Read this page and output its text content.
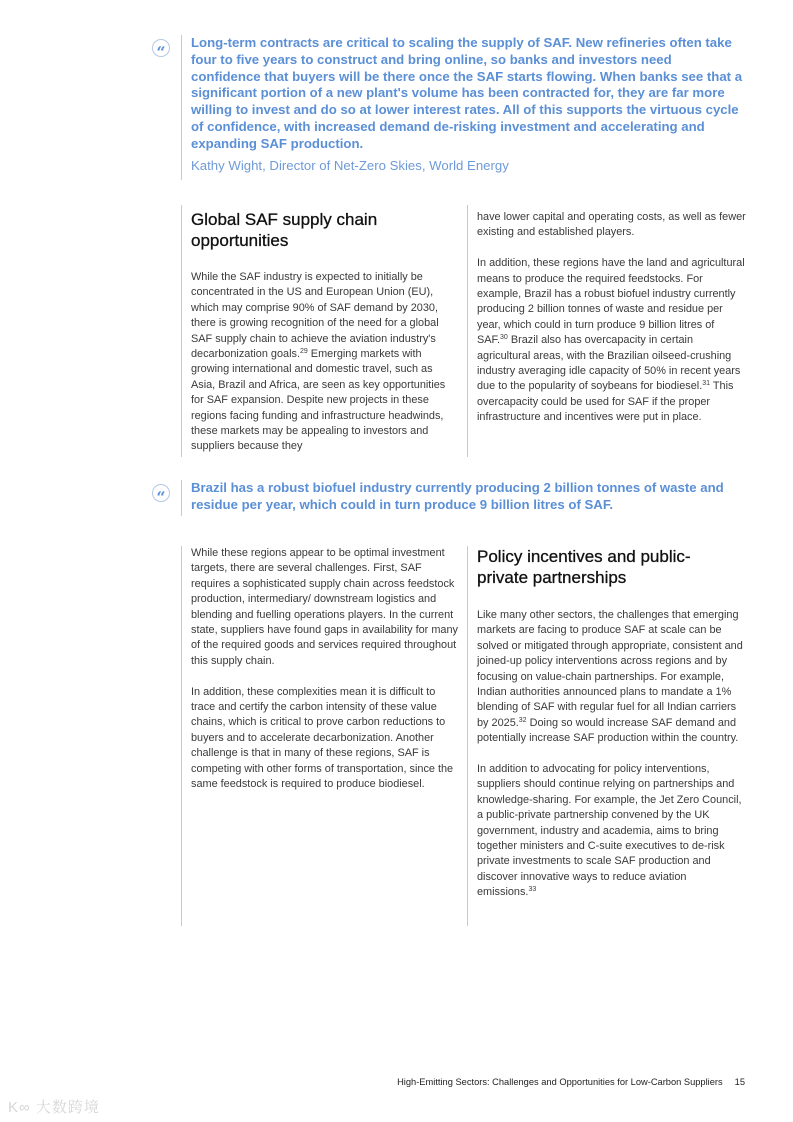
“
Long-term contracts are critical to scaling the supply of SAF. New refineries often take four to five years to construct and bring online, so banks and investors need confidence that buyers will be there once the SAF starts flowing. When banks see that a significant portion of a new plant's volume has been contracted for, they are far more willing to invest and do so at lower interest rates. All of this supports the virtuous cycle of confidence, with increased demand de-risking investment and accelerating and expanding SAF production.
Kathy Wight, Director of Net-Zero Skies, World Energy
Global SAF supply chain opportunities

While the SAF industry is expected to initially be concentrated in the US and European Union (EU), which may comprise 90% of SAF demand by 2030, there is growing recognition of the need for a global SAF supply chain to achieve the aviation industry's decarbonization goals.$^{29}$ Emerging markets with growing international and domestic travel, such as Asia, Brazil and Africa, are seen as key opportunities for SAF expansion. Despite new projects in these regions facing funding and infrastructure headwinds, these markets may be appealing to investors and suppliers because they

have lower capital and operating costs, as well as fewer existing and established players.

In addition, these regions have the land and agricultural means to produce the required feedstocks. For example, Brazil has a robust biofuel industry currently producing 2 billion tonnes of waste and residue per year, which could in turn produce 9 billion litres of SAF.$^{30}$ Brazil also has overcapacity in certain agricultural areas, with the Brazilian oilseed-crushing industry averaging idle capacity of 50% in recent years due to the popularity of soybeans for biodiesel.$^{31}$ This overcapacity could be used for SAF if the proper infrastructure and incentives were put in place.

“
Brazil has a robust biofuel industry currently producing 2 billion tonnes of waste and residue per year, which could in turn produce 9 billion litres of SAF.

While these regions appear to be optimal investment targets, there are several challenges. First, SAF requires a sophisticated supply chain across feedstock production, intermediary/ downstream logistics and blending and fuelling operations players. In the current state, suppliers have found gaps in availability for many of the required goods and services required throughout this supply chain.

In addition, these complexities mean it is difficult to trace and certify the carbon intensity of these value chains, which is critical to prove carbon reductions to buyers and to accelerate decarbonization. Another challenge is that in many of these regions, SAF is competing with other forms of transportation, since the same feedstock is required to produce biodiesel.

Policy incentives and public-private partnerships

Like many other sectors, the challenges that emerging markets are facing to produce SAF at scale can be solved or mitigated through appropriate, consistent and joined-up policy interventions across regions and by focusing on value-chain partnerships. For example, Indian authorities announced plans to mandate a 1% blending of SAF with regular fuel for all Indian carriers by 2025.32 Doing so would increase SAF demand and potentially increase SAF production within the country.

In addition to advocating for policy interventions, suppliers should continue relying on partnerships and knowledge-sharing. For example, the Jet Zero Council, a public-private partnership convened by the UK government, industry and academia, aims to bring together ministers and C-suite executives to de-risk private investments to scale SAF production and discover innovative ways to reduce aviation emissions.$^{33}$

High-Emitting Sectors: Challenges and Opportunities for Low-Carbon Suppliers 15
K∞ 大数跨境
